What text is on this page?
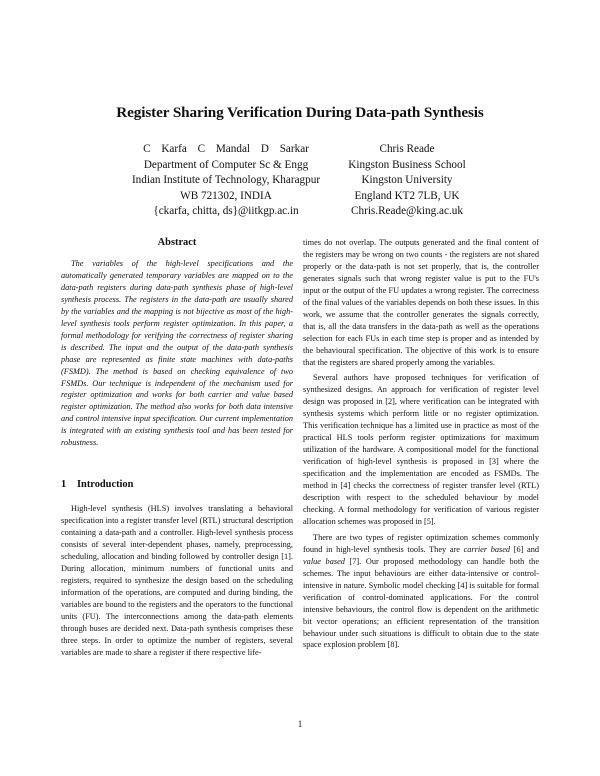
Register Sharing Verification During Data-path Synthesis
C Karfa C Mandal D Sarkar
Department of Computer Sc & Engg
Indian Institute of Technology, Kharagpur
WB 721302, INDIA
{ckarfa, chitta, ds}@iitkgp.ac.in
Chris Reade
Kingston Business School
Kingston University
England KT2 7LB, UK
Chris.Reade@king.ac.uk
Abstract

The variables of the high-level specifications and the automatically generated temporary variables are mapped on to the data-path registers during data-path synthesis phase of high-level synthesis process. The registers in the data-path are usually shared by the variables and the mapping is not bijective as most of the high-level synthesis tools perform register optimization. In this paper, a formal methodology for verifying the correctness of register sharing is described. The input and the output of the data-path synthesis phase are represented as finite state machines with data-paths (FSMD). The method is based on checking equivalence of two FSMDs. Our technique is independent of the mechanism used for register optimization and works for both carrier and value based register optimization. The method also works for both data intensive and control intensive input specification. Our current implementation is integrated with an existing synthesis tool and has been tested for robustness.

1 Introduction

High-level synthesis (HLS) involves translating a behavioral specification into a register transfer level (RTL) structural description containing a data-path and a controller. High-level synthesis process consists of several inter-dependent phases, namely, preprocessing, scheduling, allocation and binding followed by controller design [1]. During allocation, minimum numbers of functional units and registers, required to synthesize the design based on the scheduling information of the operations, are computed and during binding, the variables are bound to the registers and the operators to the functional units (FU). The interconnections among the data-path elements through buses are decided next. Data-path synthesis comprises these three steps. In order to optimize the number of registers, several variables are made to share a register if there respective life-

times do not overlap. The outputs generated and the final content of the registers may be wrong on two counts - the registers are not shared properly or the data-path is not set properly, that is, the controller generates signals such that wrong register value is put to the FU's input or the output of the FU updates a wrong register. The correctness of the final values of the variables depends on both these issues. In this work, we assume that the controller generates the signals correctly, that is, all the data transfers in the data-path as well as the operations selection for each FUs in each time step is proper and as intended by the behavioural specification. The objective of this work is to ensure that the registers are shared properly among the variables.

Several authors have proposed techniques for verification of synthesized designs. An approach for verification of register level design was proposed in [2], where verification can be integrated with synthesis systems which perform little or no register optimization. This verification technique has a limited use in practice as most of the practical HLS tools perform register optimizations for maximum utilization of the hardware. A compositional model for the functional verification of high-level synthesis is proposed in [3] where the specification and the implementation are encoded as FSMDs. The method in [4] checks the correctness of register transfer level (RTL) description with respect to the scheduled behaviour by model checking. A formal methodology for verification of various register allocation schemes was proposed in [5].

There are two types of register optimization schemes commonly found in high-level synthesis tools. They are carrier based [6] and value based [7]. Our proposed methodology can handle both the schemes. The input behaviours are either data-intensive or control-intensive in nature. Symbolic model checking [4] is suitable for formal verification of control-dominated applications. For the control intensive behaviours, the control flow is dependent on the arithmetic bit vector operations; an efficient representation of the transition behaviour under such situations is difficult to obtain due to the state space explosion problem [8].

1
